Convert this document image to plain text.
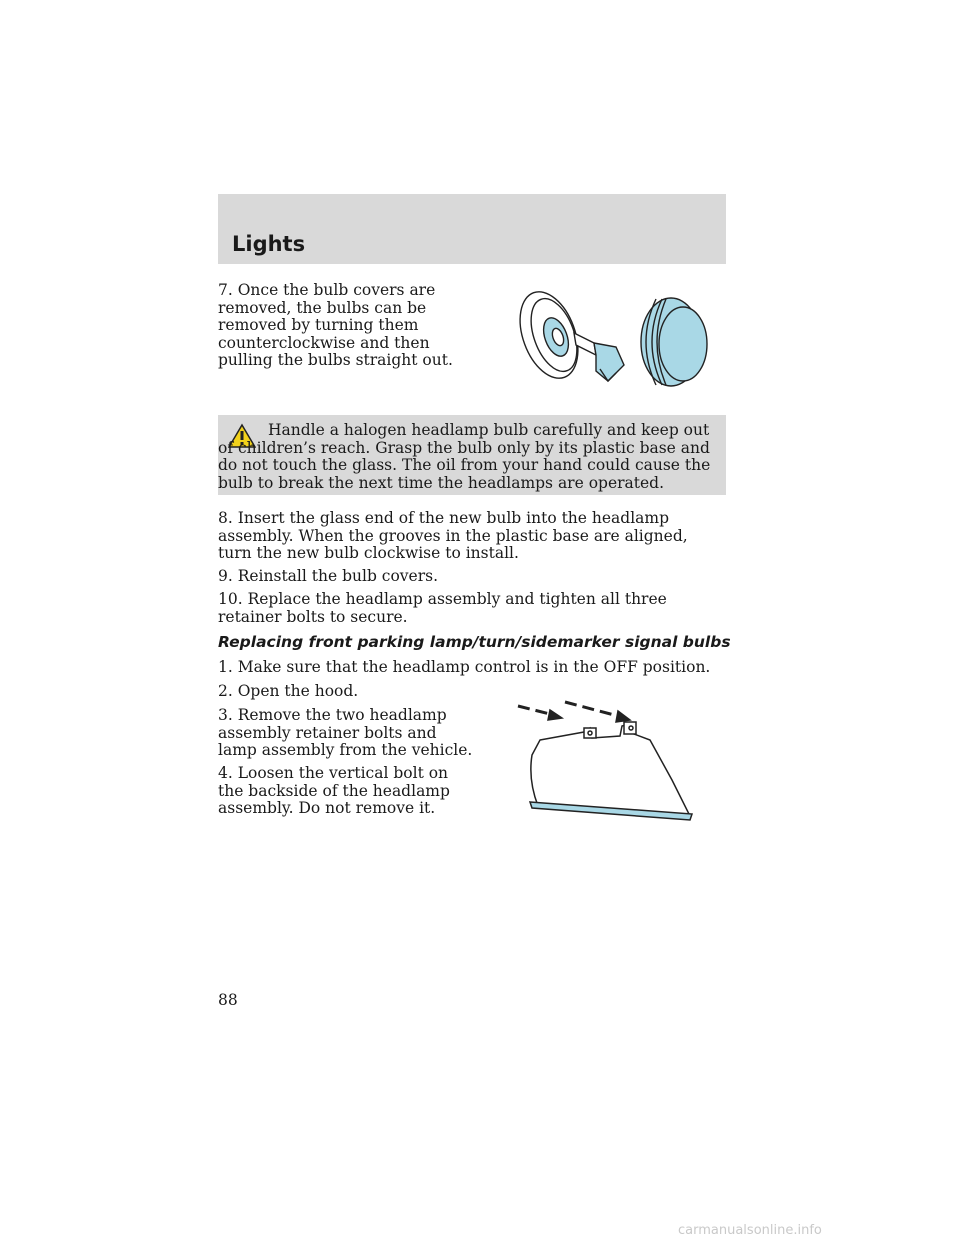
Lights

7. Once the bulb covers are removed, the bulbs can be removed by turning them counterclockwise and then pulling the bulbs straight out.

Handle a halogen headlamp bulb carefully and keep out of children’s reach. Grasp the bulb only by its plastic base and do not touch the glass. The oil from your hand could cause the bulb to break the next time the headlamps are operated.

8. Insert the glass end of the new bulb into the headlamp assembly. When the grooves in the plastic base are aligned, turn the new bulb clockwise to install.

9. Reinstall the bulb covers.

10. Replace the headlamp assembly and tighten all three retainer bolts to secure.

Replacing front parking lamp/turn/sidemarker signal bulbs

1. Make sure that the headlamp control is in the OFF position.

2. Open the hood.

3. Remove the two headlamp assembly retainer bolts and lamp assembly from the vehicle.

4. Loosen the vertical bolt on the backside of the headlamp assembly. Do not remove it.

88
carmanualsonline.info
